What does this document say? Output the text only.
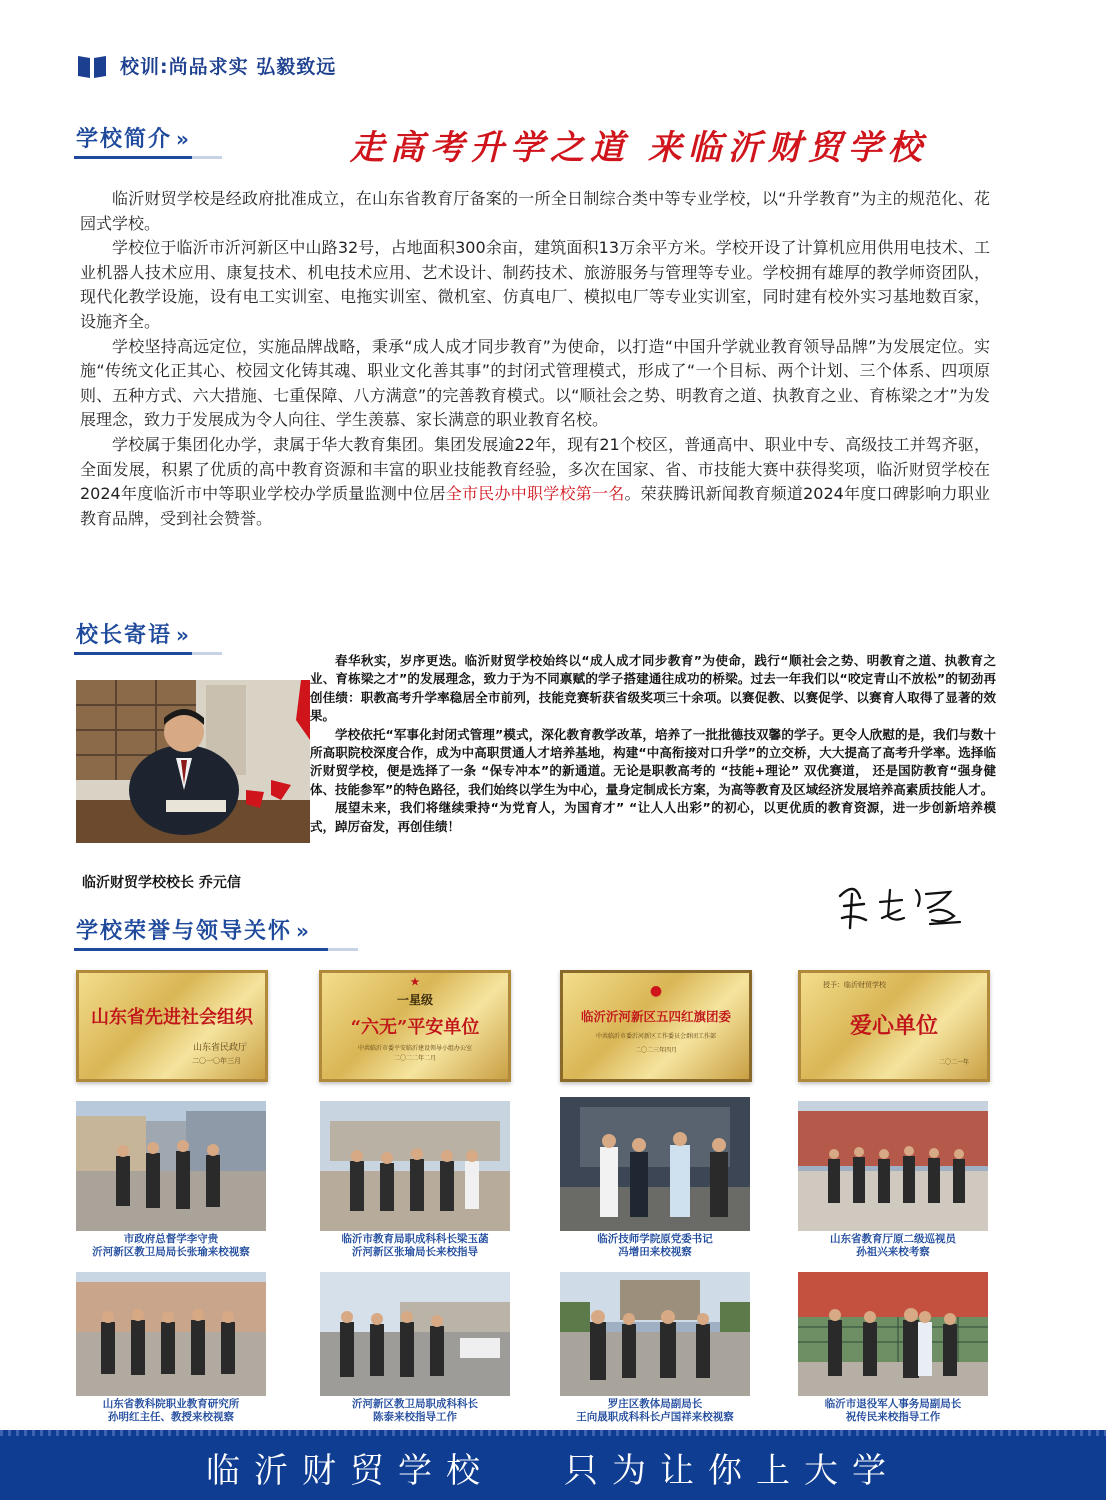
校训:尚品求实 弘毅致远
学校简介 »	走高考升学之道 来临沂财贸学校

临沂财贸学校是经政府批准成立，在山东省教育厅备案的一所全日制综合类中等专业学校，以“升学教育”为主的规范化、花园式学校。

学校位于临沂市沂河新区中山路32号，占地面积300余亩，建筑面积13万余平方米。学校开设了计算机应用供用电技术、工业机器人技术应用、康复技术、机电技术应用、艺术设计、制药技术、旅游服务与管理等专业。学校拥有雄厚的教学师资团队，现代化教学设施，设有电工实训室、电拖实训室、微机室、仿真电厂、模拟电厂等专业实训室，同时建有校外实习基地数百家，设施齐全。

学校坚持高远定位，实施品牌战略，秉承“成人成才同步教育”为使命，以打造“中国升学就业教育领导品牌”为发展定位。实施“传统文化正其心、校园文化铸其魂、职业文化善其事”的封闭式管理模式，形成了“一个目标、两个计划、三个体系、四项原则、五种方式、六大措施、七重保障、八方满意”的完善教育模式。以“顺社会之势、明教育之道、执教育之业、育栋梁之才”为发展理念，致力于发展成为令人向往、学生羡慕、家长满意的职业教育名校。

学校属于集团化办学，隶属于华大教育集团。集团发展逾22年，现有21个校区，普通高中、职业中专、高级技工并驾齐驱，全面发展，积累了优质的高中教育资源和丰富的职业技能教育经验，多次在国家、省、市技能大赛中获得奖项，临沂财贸学校在2024年度临沂市中等职业学校办学质量监测中位居全市民办中职学校第一名。荣获腾讯新闻教育频道2024年度口碑影响力职业教育品牌，受到社会赞誉。

校长寄语 »
临沂财贸学校校长 乔元信

春华秋实，岁序更迭。临沂财贸学校始终以“成人成才同步教育”为使命，践行“顺社会之势、明教育之道、执教育之业、育栋梁之才”的发展理念，致力于为不同禀赋的学子搭建通往成功的桥梁。过去一年我们以“咬定青山不放松”的韧劲再创佳绩：职教高考升学率稳居全市前列，技能竞赛斩获省级奖项三十余项。以赛促教、以赛促学、以赛育人取得了显著的效果。

学校依托“军事化封闭式管理”模式，深化教育教学改革，培养了一批批德技双馨的学子。更令人欣慰的是，我们与数十所高职院校深度合作，成为中高职贯通人才培养基地，构建“中高衔接对口升学”的立交桥，大大提高了高考升学率。选择临沂财贸学校，便是选择了一条 “保专冲本”的新通道。无论是职教高考的 “技能+理论” 双优赛道， 还是国防教育“强身健体、技能参军”的特色路径，我们始终以学生为中心，量身定制成长方案，为高等教育及区域经济发展培养高素质技能人才。

展望未来，我们将继续秉持“为党育人，为国育才” “让人人出彩”的初心，以更优质的教育资源，进一步创新培养模式，踔厉奋发，再创佳绩！

学校荣誉与领导关怀 »
山东省先进社会组织
山东省民政厅
二〇一〇年三月
★
一星级
“六无”平安单位
中共临沂市委平安临沂建设领导小组办公室
二〇二二年二月
●
临沂沂河新区五四红旗团委
中共临沂市委沂河新区工作委员会群团工作部
二〇二三年四月
授予：临沂财贸学校
爱心单位
二〇二一年
市政府总督学李守贵
沂河新区教卫局局长张瑜来校视察
临沂市教育局职成科科长梁玉菡
沂河新区张瑜局长来校指导
临沂技师学院原党委书记
冯增田来校视察
山东省教育厅原二级巡视员
孙祖兴来校考察
山东省教科院职业教育研究所
孙明红主任、教授来校视察
沂河新区教卫局职成科科长
陈泰来校指导工作
罗庄区教体局副局长
王向晟职成科科长卢国祥来校视察
临沂市退役军人事务局副局长
祝传民来校指导工作
临沂财贸学校 只为让你上大学
